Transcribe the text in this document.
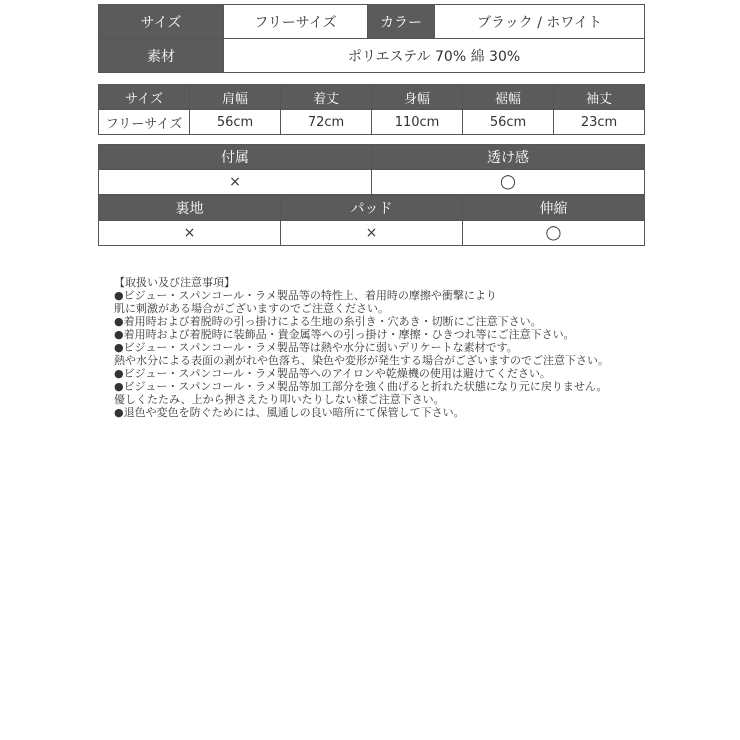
サイズ	フリーサイズ	カラー	ブラック / ホワイト
素材	ポリエステル 70% 綿 30%		
サイズ	肩幅	着丈	身幅	裾幅	袖丈
フリーサイズ	56cm	72cm	110cm	56cm	23cm
付属	透け感
×	◯
裏地	パッド	伸縮
×	×	◯
【取扱い及び注意事項】
●ビジュー・スパンコール・ラメ製品等の特性上、着用時の摩擦や衝撃により
肌に刺激がある場合がございますのでご注意ください。
●着用時および着脱時の引っ掛けによる生地の糸引き・穴あき・切断にご注意下さい。
●着用時および着脱時に装飾品・貴金属等への引っ掛け・摩擦・ひきつれ等にご注意下さい。
●ビジュー・スパンコール・ラメ製品等は熱や水分に弱いデリケートな素材です。
熱や水分による表面の剥がれや色落ち、染色や変形が発生する場合がございますのでご注意下さい。
●ビジュー・スパンコール・ラメ製品等へのアイロンや乾燥機の使用は避けてください。
●ビジュー・スパンコール・ラメ製品等加工部分を強く曲げると折れた状態になり元に戻りません。
優しくたたみ、上から押さえたり叩いたりしない様ご注意下さい。
●退色や変色を防ぐためには、風通しの良い暗所にて保管して下さい。
